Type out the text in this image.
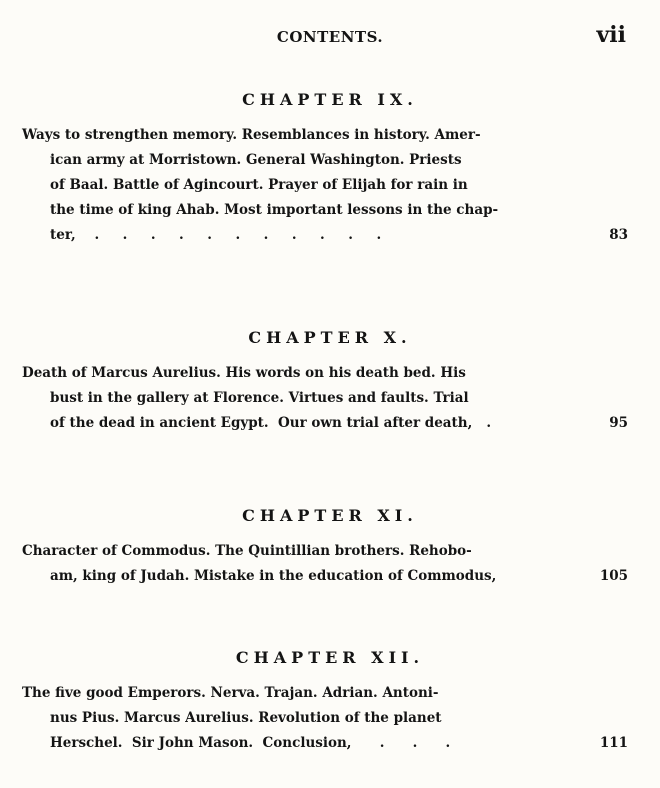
CONTENTS.	vii
CHAPTER IX.
Ways to strengthen memory. Resemblances in history. Amer-
ican army at Morristown. General Washington. Priests
of Baal. Battle of Agincourt. Prayer of Elijah for rain in
the time of king Ahab. Most important lessons in the chap-
ter,    .     .     .     .     .     .     .     .     .     .     .	83
CHAPTER X.
Death of Marcus Aurelius. His words on his death bed. His
bust in the gallery at Florence. Virtues and faults. Trial
of the dead in ancient Egypt.  Our own trial after death,   .	95
CHAPTER XI.
Character of Commodus. The Quintillian brothers. Rehobo-
am, king of Judah. Mistake in the education of Commodus,	105
CHAPTER XII.
The five good Emperors. Nerva. Trajan. Adrian. Antoni-
nus Pius. Marcus Aurelius. Revolution of the planet
Herschel.  Sir John Mason.  Conclusion,      .      .      .	111
